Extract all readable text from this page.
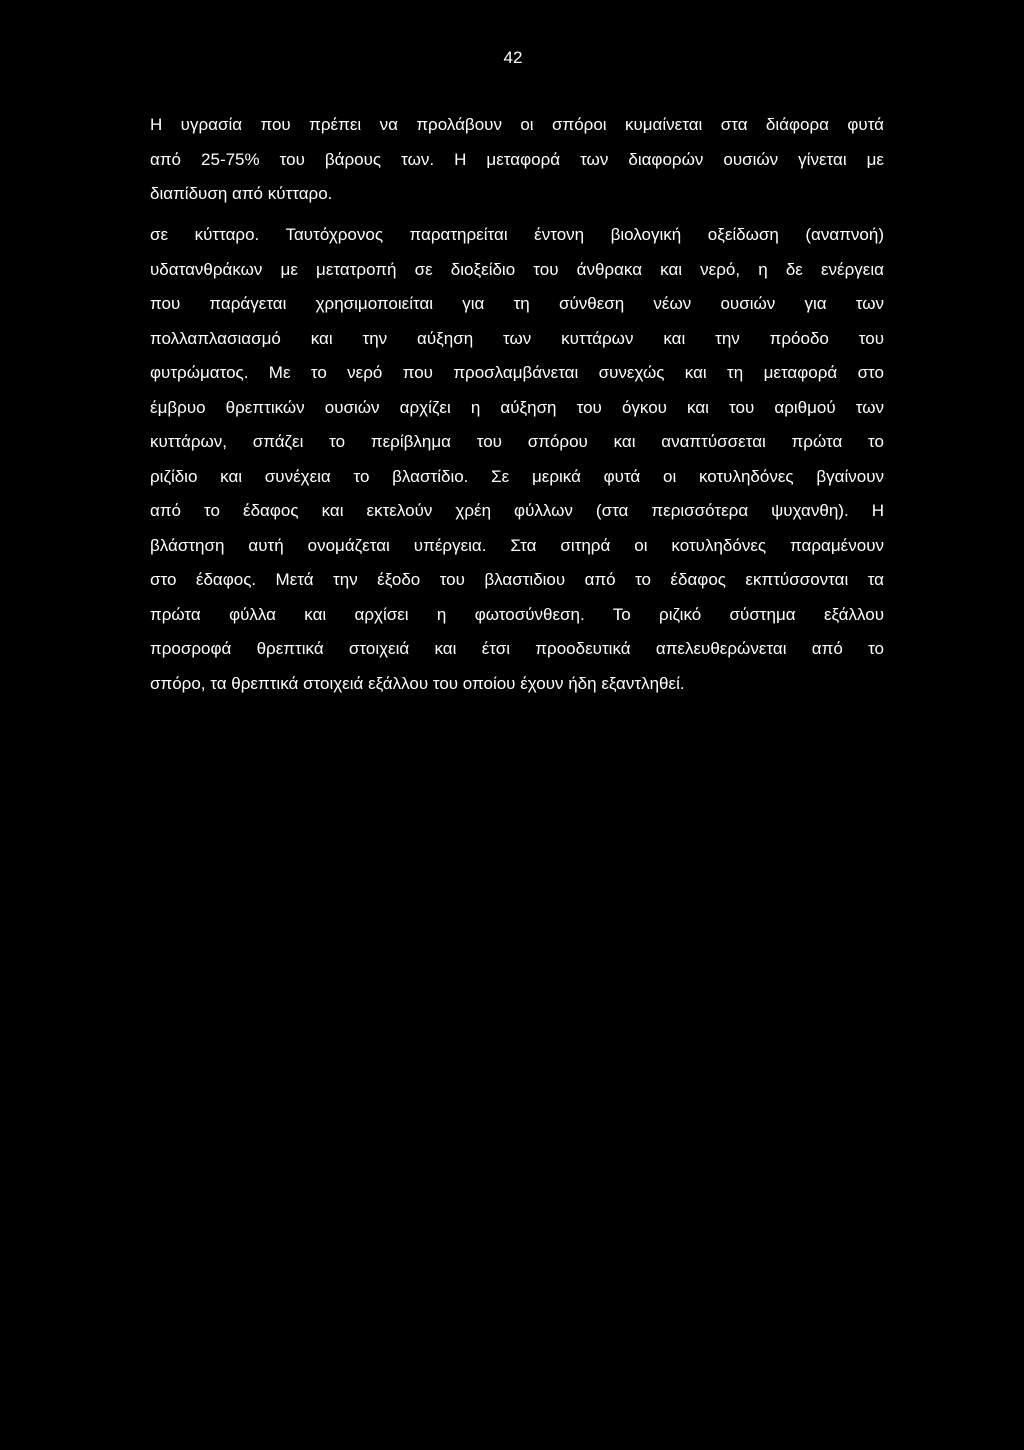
42
Η υγρασία που πρέπει να προλάβουν οι σπόροι κυμαίνεται στα διάφορα φυτά
από 25-75% του βάρους των. Η μεταφορά των διαφορών ουσιών γίνεται με
διαπίδυση από κύτταρο.
σε κύτταρο. Ταυτόχρονος παρατηρείται έντονη βιολογική οξείδωση (αναπνοή)
υδατανθράκων με μετατροπή σε διοξείδιο του άνθρακα και νερό, η δε ενέργεια
που παράγεται χρησιμοποιείται για τη σύνθεση νέων ουσιών για των
πολλαπλασιασμό και την αύξηση των κυττάρων και την πρόοδο του
φυτρώματος. Με το νερό που προσλαμβάνεται συνεχώς και τη μεταφορά στο
έμβρυο θρεπτικών ουσιών αρχίζει η αύξηση του όγκου και του αριθμού των
κυττάρων, σπάζει το περίβλημα του σπόρου και αναπτύσσεται πρώτα το
ριζίδιο και συνέχεια το βλαστίδιο. Σε μερικά φυτά οι κοτυληδόνες βγαίνουν
από το έδαφος και εκτελούν χρέη φύλλων (στα περισσότερα ψυχανθη). Η
βλάστηση αυτή ονομάζεται υπέργεια. Στα σιτηρά οι κοτυληδόνες παραμένουν
στο έδαφος. Μετά την έξοδο του βλαστιδιου από το έδαφος εκπτύσσονται τα
πρώτα φύλλα και αρχίσει η φωτοσύνθεση. Το ριζικό σύστημα εξάλλου
προσροφά θρεπτικά στοιχειά και έτσι προοδευτικά απελευθερώνεται από το
σπόρο, τα θρεπτικά στοιχειά εξάλλου του οποίου έχουν ήδη εξαντληθεί.
